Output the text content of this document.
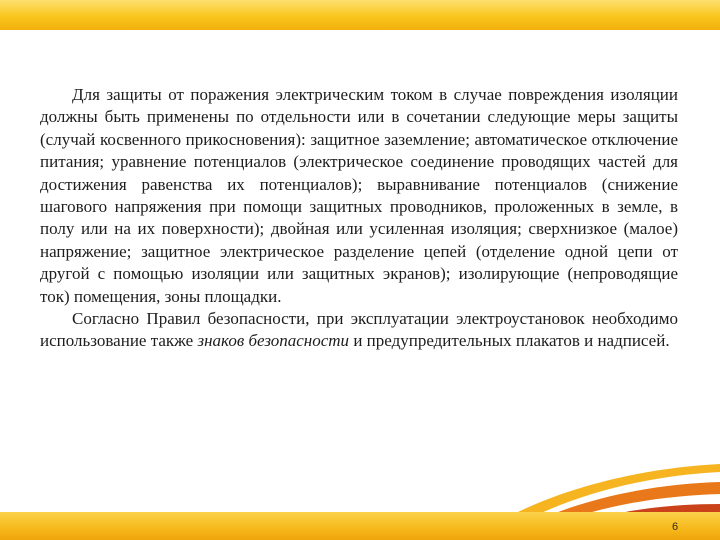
Для защиты от поражения электрическим током в случае повреждения изоляции должны быть применены по отдельности или в сочетании следующие меры защиты (случай косвенного прикосновения): защитное заземление; автоматическое отключение питания; уравнение потенциалов (электрическое соединение проводящих частей для достижения равенства их потенциалов); выравнивание потенциалов (снижение шагового напряжения при помощи защитных проводников, проложенных в земле, в полу или на их поверхности); двойная или усиленная изоляция; сверхнизкое (малое) напряжение; защитное электрическое разделение цепей (отделение одной цепи от другой с помощью изоляции или защитных экранов); изолирующие (непроводящие ток) помещения, зоны площадки.

Согласно Правил безопасности, при эксплуатации электроустановок необходимо использование также знаков безопасности и предупредительных плакатов и надписей.

6
